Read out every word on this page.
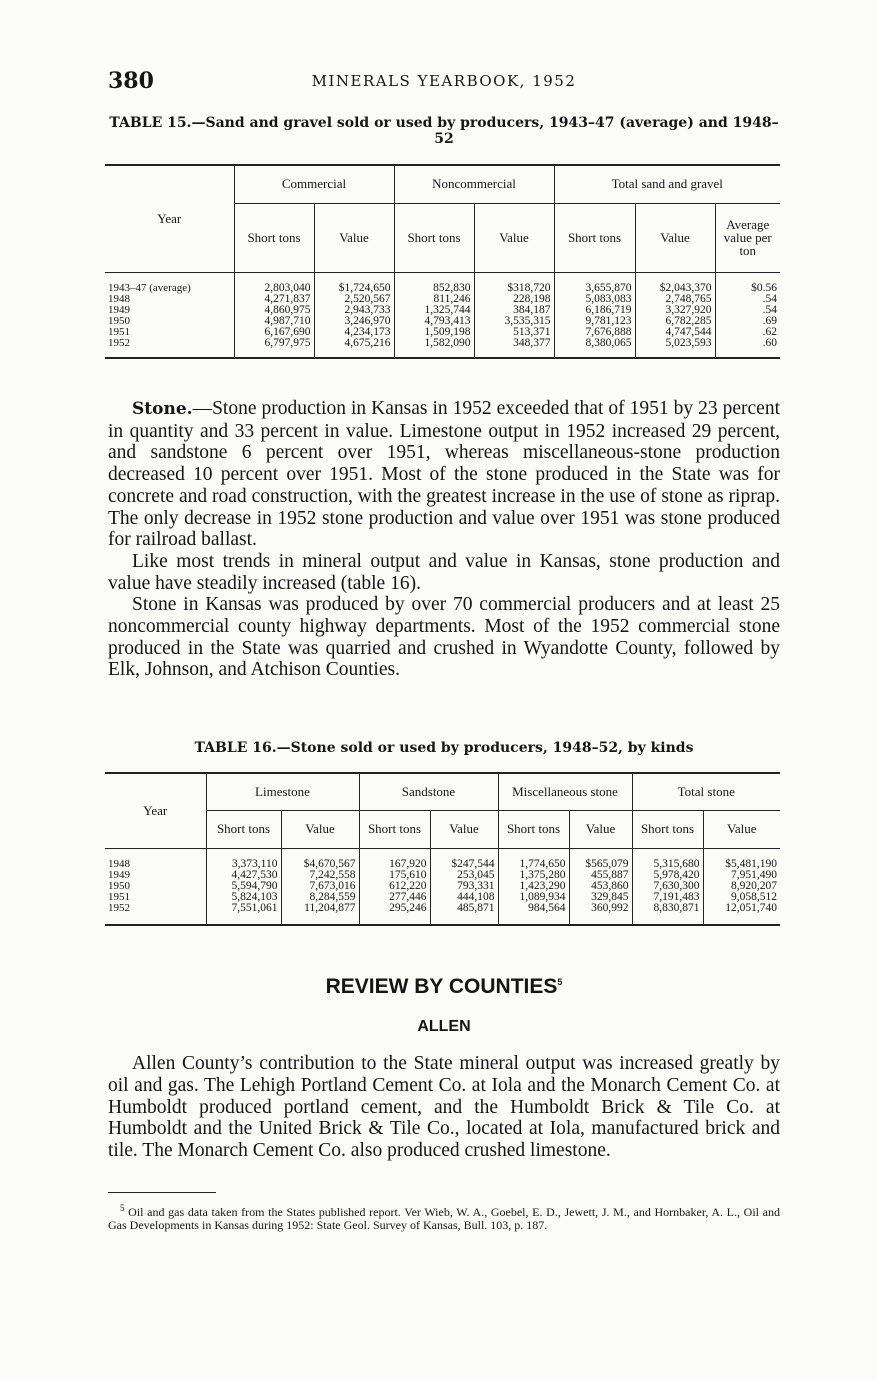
380	MINERALS YEARBOOK, 1952
TABLE 15.—Sand and gravel sold or used by producers, 1943–47 (average) and 1948–52
Year	Commercial		Noncommercial		Total sand and gravel		
	Short tons	Value	Short tons	Value	Short tons	Value	Average value per ton
1943–47 (average)	2,803,040	$1,724,650	852,830	$318,720	3,655,870	$2,043,370	$0.56
1948	4,271,837	2,520,567	811,246	228,198	5,083,083	2,748,765	.54
1949	4,860,975	2,943,733	1,325,744	384,187	6,186,719	3,327,920	.54
1950	4,987,710	3,246,970	4,793,413	3,535,315	9,781,123	6,782,285	.69
1951	6,167,690	4,234,173	1,509,198	513,371	7,676,888	4,747,544	.62
1952	6,797,975	4,675,216	1,582,090	348,377	8,380,065	5,023,593	.60

Stone.—Stone production in Kansas in 1952 exceeded that of 1951 by 23 percent in quantity and 33 percent in value. Limestone output in 1952 increased 29 percent, and sandstone 6 percent over 1951, whereas miscellaneous-stone production decreased 10 percent over 1951. Most of the stone produced in the State was for concrete and road construction, with the greatest increase in the use of stone as riprap. The only decrease in 1952 stone production and value over 1951 was stone produced for railroad ballast.

Like most trends in mineral output and value in Kansas, stone production and value have steadily increased (table 16).

Stone in Kansas was produced by over 70 commercial producers and at least 25 noncommercial county highway departments. Most of the 1952 commercial stone produced in the State was quarried and crushed in Wyandotte County, followed by Elk, Johnson, and Atchison Counties.

TABLE 16.—Stone sold or used by producers, 1948–52, by kinds
Year	Limestone		Sandstone		Miscellaneous stone		Total stone	
	Short tons	Value	Short tons	Value	Short tons	Value	Short tons	Value
1948	3,373,110	$4,670,567	167,920	$247,544	1,774,650	$565,079	5,315,680	$5,481,190
1949	4,427,530	7,242,558	175,610	253,045	1,375,280	455,887	5,978,420	7,951,490
1950	5,594,790	7,673,016	612,220	793,331	1,423,290	453,860	7,630,300	8,920,207
1951	5,824,103	8,284,559	277,446	444,108	1,089,934	329,845	7,191,483	9,058,512
1952	7,551,061	11,204,877	295,246	485,871	984,564	360,992	8,830,871	12,051,740
REVIEW BY COUNTIES$^5$
ALLEN

Allen County’s contribution to the State mineral output was increased greatly by oil and gas. The Lehigh Portland Cement Co. at Iola and the Monarch Cement Co. at Humboldt produced portland cement, and the Humboldt Brick & Tile Co. at Humboldt and the United Brick & Tile Co., located at Iola, manufactured brick and tile. The Monarch Cement Co. also produced crushed limestone.

$^5$ Oil and gas data taken from the States published report. Ver Wieb, W. A., Goebel, E. D., Jewett, J. M., and Hornbaker, A. L., Oil and Gas Developments in Kansas during 1952: State Geol. Survey of Kansas, Bull. 103, p. 187.
